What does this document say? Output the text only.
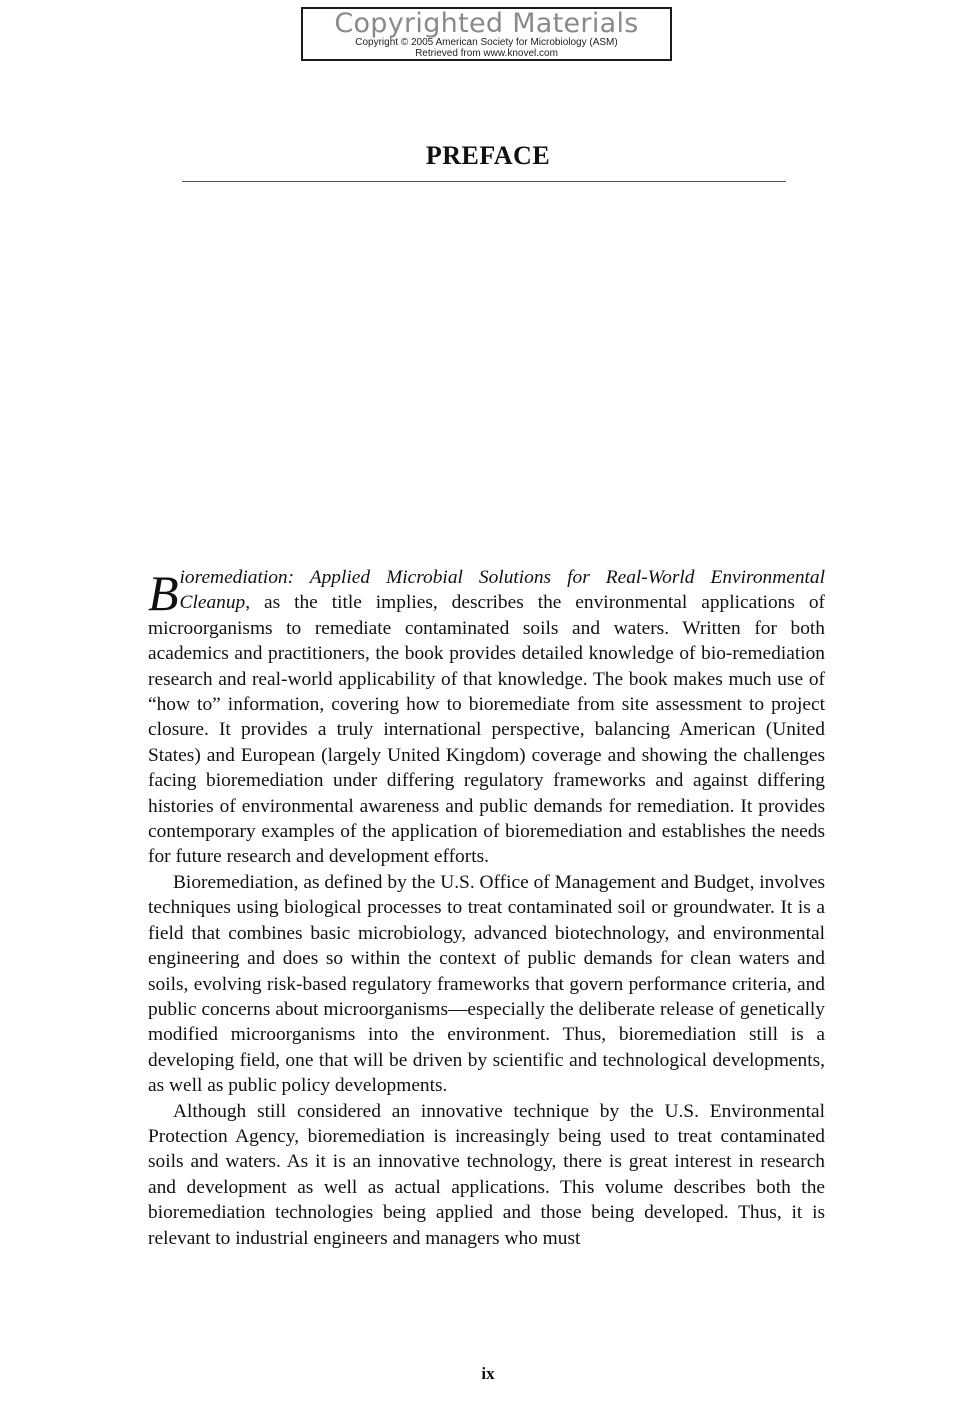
Copyrighted Materials
Copyright © 2005 American Society for Microbiology (ASM)
Retrieved from www.knovel.com
PREFACE

Bioremediation: Applied Microbial Solutions for Real-World Environmental Cleanup, as the title implies, describes the environmental applications of microorganisms to remediate contaminated soils and waters. Written for both academics and practitioners, the book provides detailed knowledge of bio-remediation research and real-world applicability of that knowledge. The book makes much use of “how to” information, covering how to bioremediate from site assessment to project closure. It provides a truly international perspective, balancing American (United States) and European (largely United Kingdom) coverage and showing the challenges facing bioremediation under differing regulatory frameworks and against differing histories of environmental awareness and public demands for remediation. It provides contemporary examples of the application of bioremediation and establishes the needs for future research and development efforts.

Bioremediation, as defined by the U.S. Office of Management and Budget, involves techniques using biological processes to treat contaminated soil or groundwater. It is a field that combines basic microbiology, advanced biotechnology, and environmental engineering and does so within the context of public demands for clean waters and soils, evolving risk-based regulatory frameworks that govern performance criteria, and public concerns about microorganisms—especially the deliberate release of genetically modified microorganisms into the environment. Thus, bioremediation still is a developing field, one that will be driven by scientific and technological developments, as well as public policy developments.

Although still considered an innovative technique by the U.S. Environmental Protection Agency, bioremediation is increasingly being used to treat contaminated soils and waters. As it is an innovative technology, there is great interest in research and development as well as actual applications. This volume describes both the bioremediation technologies being applied and those being developed. Thus, it is relevant to industrial engineers and managers who must

ix
